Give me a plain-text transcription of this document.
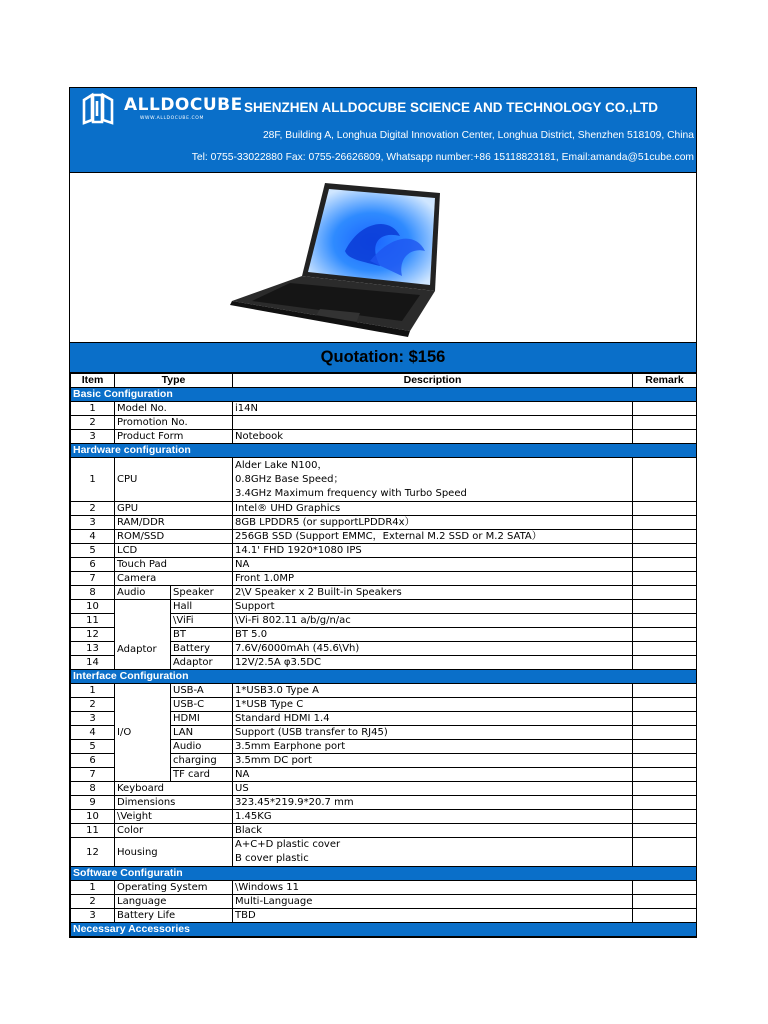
ALLDOCUBE
WWW.ALLDOCUBE.COM
SHENZHEN ALLDOCUBE SCIENCE AND TECHNOLOGY CO.,LTD
28F, Building A, Longhua Digital Innovation Center, Longhua District, Shenzhen 518109, China
Tel: 0755-33022880 Fax: 0755-26626809, Whatsapp number:+86 15118823181, Email:amanda@51cube.com
Quotation: $156
Item	Type		Description	Remark
Basic Configuration				
1	Model No.		i14N	
2	Promotion No.			
3	Product Form		Notebook	
Hardware configuration				
1	CPU		Alder Lake N100，
0.8GHz Base Speed；
3.4GHz Maximum frequency with Turbo Speed	

2	GPU		Intel® UHD Graphics	
3	RAM/DDR		8GB LPDDR5 (or supportLPDDR4x）	
4	ROM/SSD		256GB SSD (Support EMMC，External M.2 SSD or M.2 SATA）	
5	LCD		14.1' FHD 1920*1080 IPS	
6	Touch Pad		NA	
7	Camera		Front 1.0MP	
8	Audio	Speaker	2\V Speaker x 2 Built-in Speakers	
10	Adaptor	Hall	Support	
11		\ViFi	\Vi-Fi 802.11 a/b/g/n/ac	
12		BT	BT 5.0	
13		Battery	7.6V/6000mAh (45.6\Vh)	
14		Adaptor	12V/2.5A φ3.5DC	
Interface Configuration				
1	I/O	USB-A	1*USB3.0 Type A	
2		USB-C	1*USB Type C	
3		HDMI	Standard HDMI 1.4	
4		LAN	Support (USB transfer to RJ45)	
5		Audio	3.5mm Earphone port	
6		charging	3.5mm DC port	
7		TF card	NA	
8	Keyboard		US	
9	Dimensions		323.45*219.9*20.7 mm	
10	\Veight		1.45KG	
11	Color		Black	
12	Housing		A+C+D plastic cover
B cover plastic	

Software Configuratin				
1	Operating System		\Windows 11	
2	Language		Multi-Language	
3	Battery Life		TBD	
Necessary Accessories				
